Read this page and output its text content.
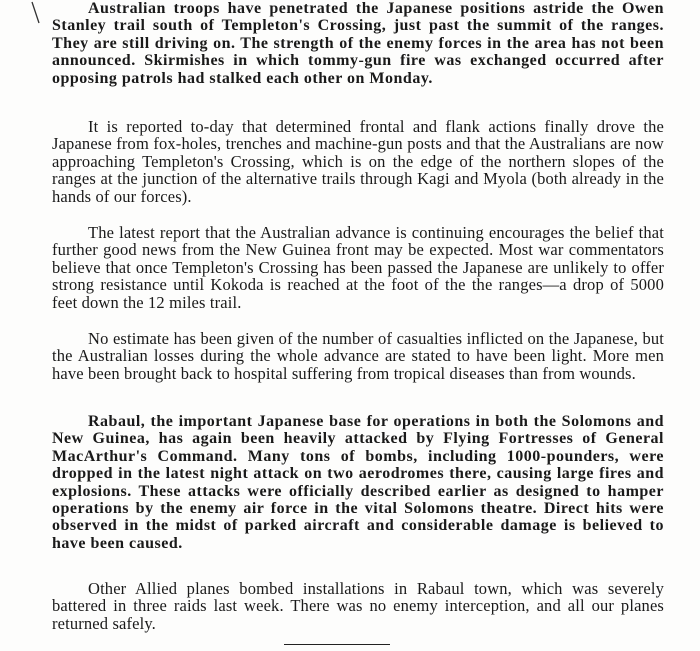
Australian troops have penetrated the Japanese positions astride the Owen Stanley trail south of Templeton's Crossing, just past the summit of the ranges. They are still driving on. The strength of the enemy forces in the area has not been announced. Skirmishes in which tommy-gun fire was exchanged occurred after opposing patrols had stalked each other on Monday.

It is reported to-day that determined frontal and flank actions finally drove the Japanese from fox-holes, trenches and machine-gun posts and that the Australians are now approaching Templeton's Crossing, which is on the edge of the northern slopes of the ranges at the junction of the alternative trails through Kagi and Myola (both already in the hands of our forces).

The latest report that the Australian advance is continuing encourages the belief that further good news from the New Guinea front may be expected. Most war commentators believe that once Templeton's Crossing has been passed the Japanese are unlikely to offer strong resistance until Kokoda is reached at the foot of the the ranges—a drop of 5000 feet down the 12 miles trail.

No estimate has been given of the number of casualties inflicted on the Japanese, but the Australian losses during the whole advance are stated to have been light. More men have been brought back to hospital suffering from tropical diseases than from wounds.

Rabaul, the important Japanese base for operations in both the Solomons and New Guinea, has again been heavily attacked by Flying Fortresses of General MacArthur's Command. Many tons of bombs, including 1000-pounders, were dropped in the latest night attack on two aerodromes there, causing large fires and explosions. These attacks were officially described earlier as designed to hamper operations by the enemy air force in the vital Solomons theatre. Direct hits were observed in the midst of parked aircraft and considerable damage is believed to have been caused.

Other Allied planes bombed installations in Rabaul town, which was severely battered in three raids last week. There was no enemy interception, and all our planes returned safely.
